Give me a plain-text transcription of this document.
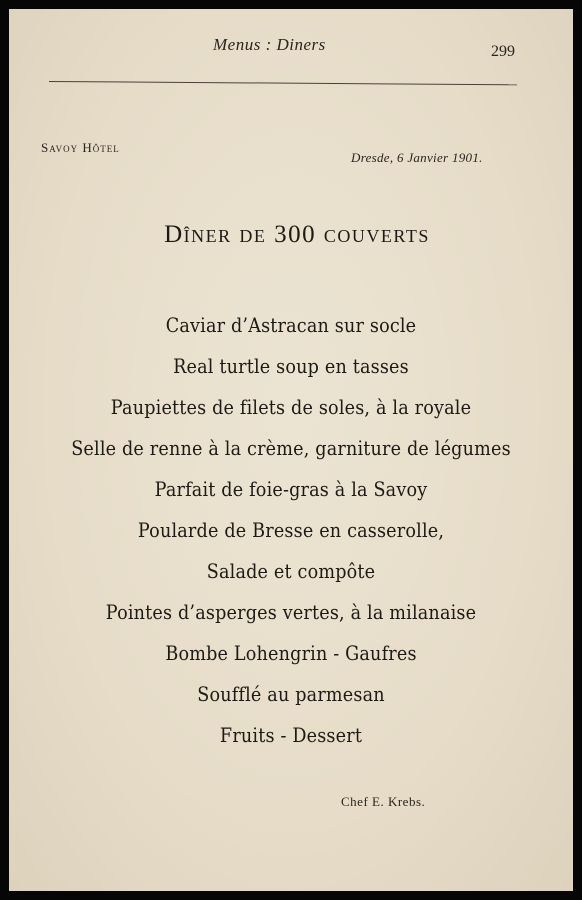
Menus : Diners	299
Savoy Hôtel
Dresde, 6 Janvier 1901.
Dîner de 300 couverts
Caviar d’Astracan sur socle
Real turtle soup en tasses
Paupiettes de filets de soles, à la royale
Selle de renne à la crème, garniture de légumes
Parfait de foie-gras à la Savoy
Poularde de Bresse en casserolle,
Salade et compôte
Pointes d’asperges vertes, à la milanaise
Bombe Lohengrin - Gaufres
Soufflé au parmesan
Fruits - Dessert
Chef E. Krebs.
